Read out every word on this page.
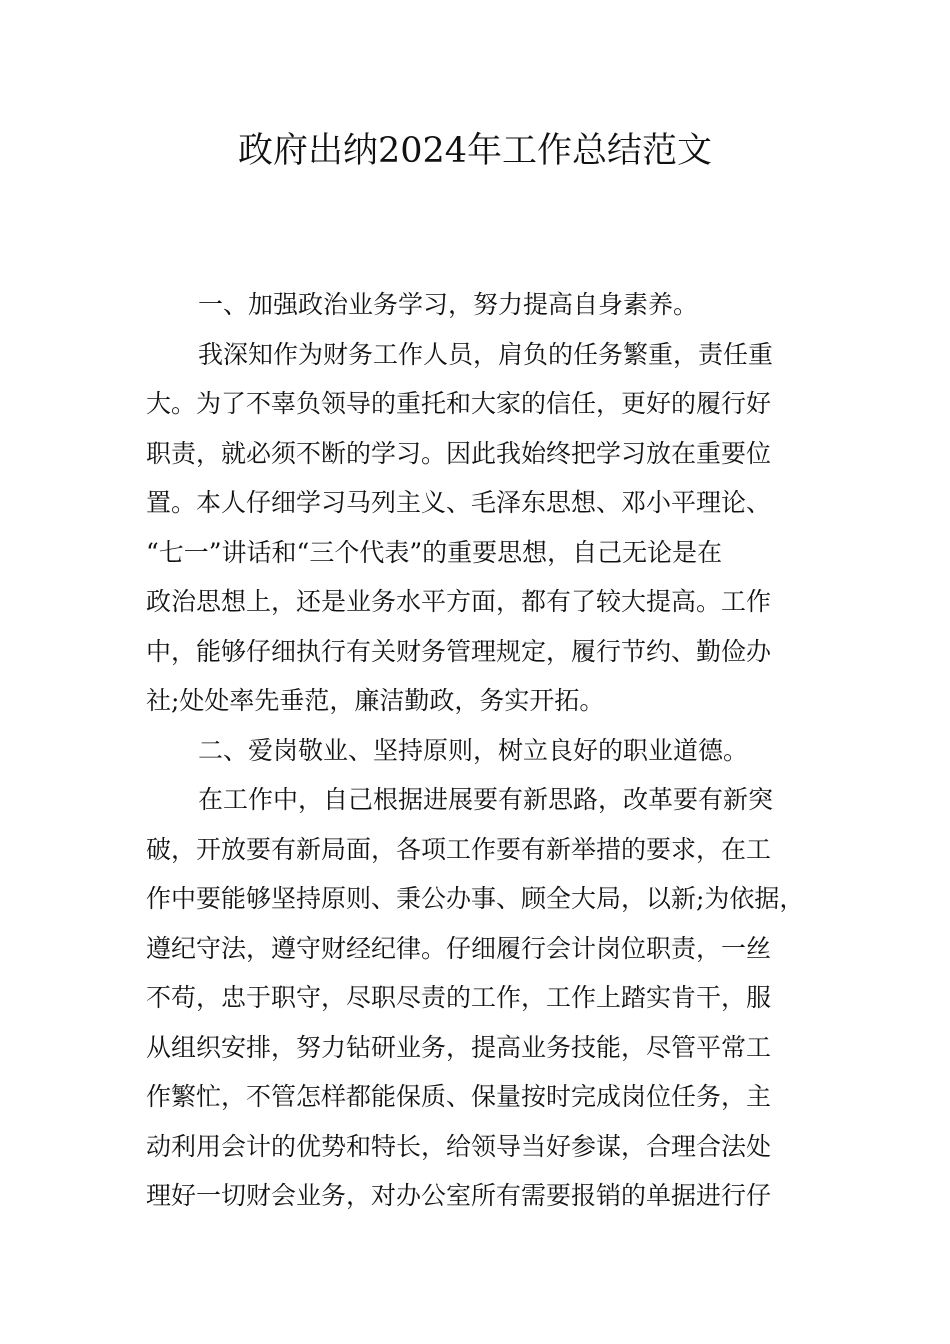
政府出纳2024年工作总结范文
一、加强政治业务学习，努力提高自身素养。
我深知作为财务工作人员，肩负的任务繁重，责任重
大。为了不辜负领导的重托和大家的信任，更好的履行好
职责，就必须不断的学习。因此我始终把学习放在重要位
置。本人仔细学习马列主义、毛泽东思想、邓小平理论、
“七一”讲话和“三个代表”的重要思想，自己无论是在
政治思想上，还是业务水平方面，都有了较大提高。工作
中，能够仔细执行有关财务管理规定，履行节约、勤俭办
社;处处率先垂范，廉洁勤政，务实开拓。
二、爱岗敬业、坚持原则，树立良好的职业道德。
在工作中，自己根据进展要有新思路，改革要有新突
破，开放要有新局面，各项工作要有新举措的要求，在工
作中要能够坚持原则、秉公办事、顾全大局，以新;为依据，
遵纪守法，遵守财经纪律。仔细履行会计岗位职责，一丝
不苟，忠于职守，尽职尽责的工作，工作上踏实肯干，服
从组织安排，努力钻研业务，提高业务技能，尽管平常工
作繁忙，不管怎样都能保质、保量按时完成岗位任务，主
动利用会计的优势和特长，给领导当好参谋，合理合法处
理好一切财会业务，对办公室所有需要报销的单据进行仔
